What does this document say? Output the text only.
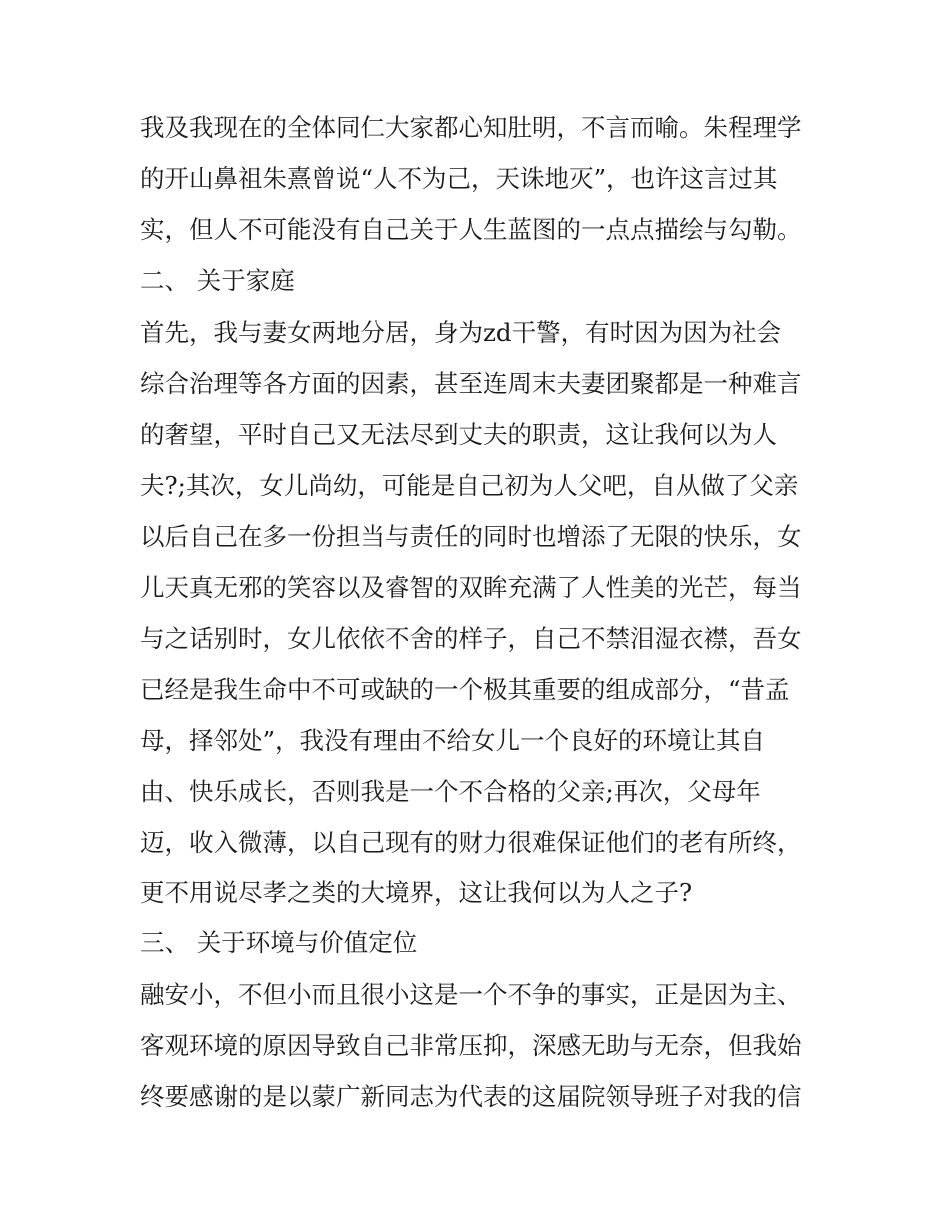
我及我现在的全体同仁大家都心知肚明，不言而喻。朱程理学
的开山鼻祖朱熹曾说“人不为己，天诛地灭”，也许这言过其
实，但人不可能没有自己关于人生蓝图的一点点描绘与勾勒。
二、 关于家庭
首先，我与妻女两地分居，身为zd干警，有时因为因为社会
综合治理等各方面的因素，甚至连周末夫妻团聚都是一种难言
的奢望，平时自己又无法尽到丈夫的职责，这让我何以为人
夫?;其次，女儿尚幼，可能是自己初为人父吧，自从做了父亲
以后自己在多一份担当与责任的同时也增添了无限的快乐，女
儿天真无邪的笑容以及睿智的双眸充满了人性美的光芒，每当
与之话别时，女儿依依不舍的样子，自己不禁泪湿衣襟，吾女
已经是我生命中不可或缺的一个极其重要的组成部分，“昔孟
母，择邻处”，我没有理由不给女儿一个良好的环境让其自
由、快乐成长，否则我是一个不合格的父亲;再次，父母年
迈，收入微薄，以自己现有的财力很难保证他们的老有所终，
更不用说尽孝之类的大境界，这让我何以为人之子?
三、 关于环境与价值定位
融安小，不但小而且很小这是一个不争的事实，正是因为主、
客观环境的原因导致自己非常压抑，深感无助与无奈，但我始
终要感谢的是以蒙广新同志为代表的这届院领导班子对我的信
